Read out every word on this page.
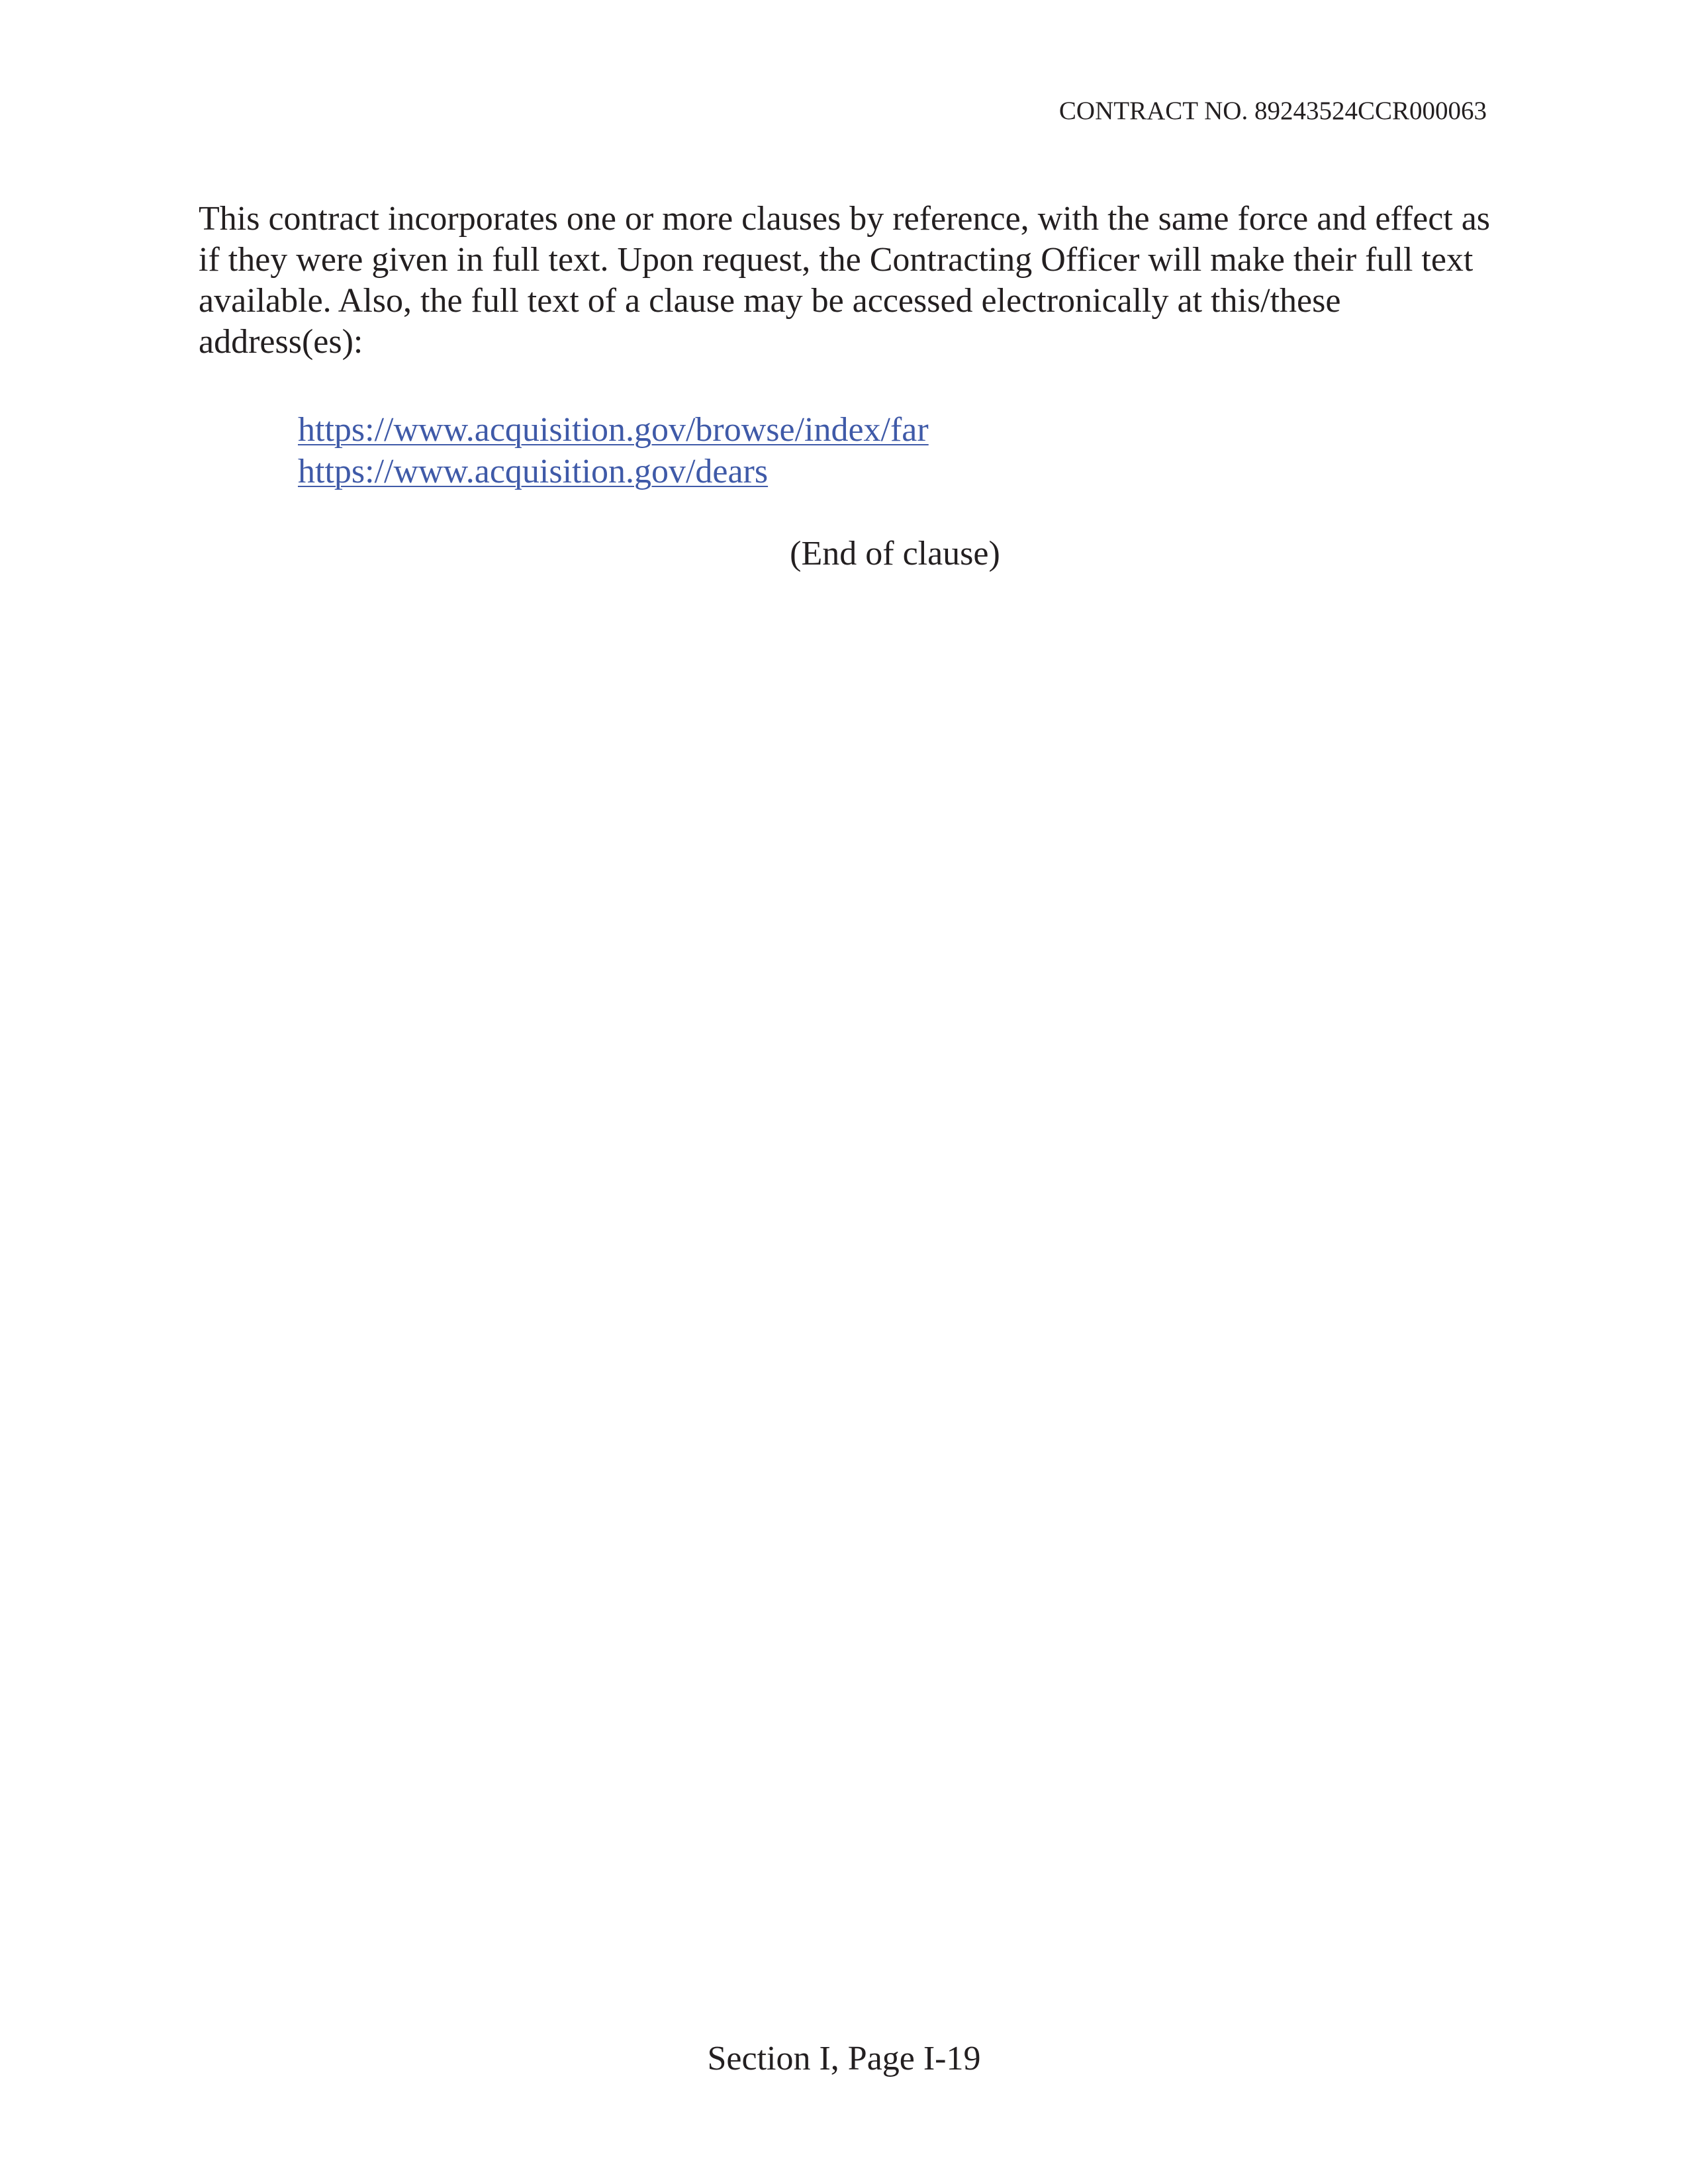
CONTRACT NO. 89243524CCR000063

This contract incorporates one or more clauses by reference, with the same force and effect as if they were given in full text. Upon request, the Contracting Officer will make their full text available. Also, the full text of a clause may be accessed electronically at this/these address(es):

https://www.acquisition.gov/browse/index/far
https://www.acquisition.gov/dears
(End of clause)
Section I, Page I-19
